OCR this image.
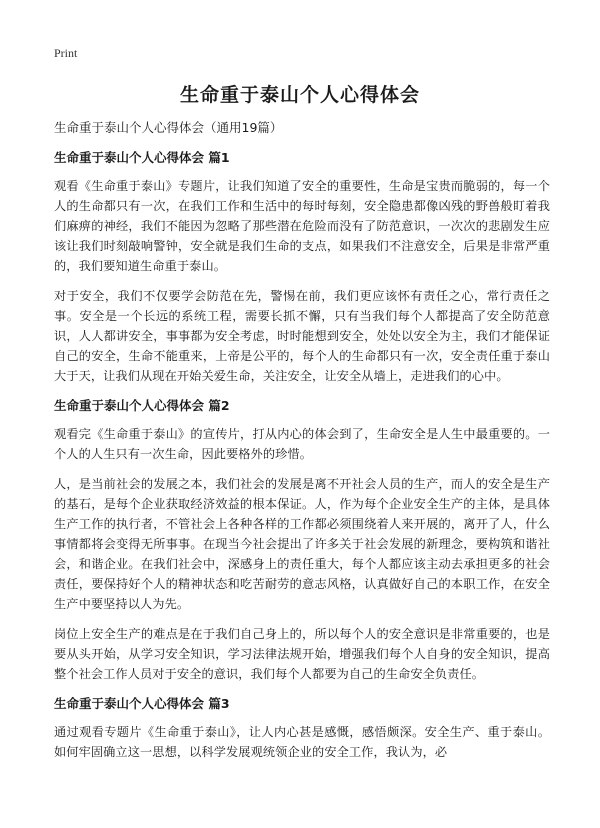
Print
生命重于泰山个人心得体会

生命重于泰山个人心得体会（通用19篇）

生命重于泰山个人心得体会 篇1

观看《生命重于泰山》专题片，让我们知道了安全的重要性，生命是宝贵而脆弱的，每一个人的生命都只有一次，在我们工作和生活中的每时每刻，安全隐患都像凶残的野兽般盯着我们麻痹的神经，我们不能因为忽略了那些潜在危险而没有了防范意识，一次次的悲剧发生应该让我们时刻敲响警钟，安全就是我们生命的支点，如果我们不注意安全，后果是非常严重的，我们要知道生命重于泰山。

对于安全，我们不仅要学会防范在先，警惕在前，我们更应该怀有责任之心，常行责任之事。安全是一个长远的系统工程，需要长抓不懈，只有当我们每个人都提高了安全防范意识，人人都讲安全，事事都为安全考虑，时时能想到安全，处处以安全为主，我们才能保证自己的安全，生命不能重来，上帝是公平的，每个人的生命都只有一次，安全责任重于泰山大于天，让我们从现在开始关爱生命，关注安全，让安全从墙上，走进我们的心中。

生命重于泰山个人心得体会 篇2

观看完《生命重于泰山》的宣传片，打从内心的体会到了，生命安全是人生中最重要的。一个人的人生只有一次生命，因此要格外的珍惜。

人，是当前社会的发展之本，我们社会的发展是离不开社会人员的生产，而人的安全是生产的基石，是每个企业获取经济效益的根本保证。人，作为每个企业安全生产的主体，是具体生产工作的执行者，不管社会上各种各样的工作都必须围绕着人来开展的，离开了人，什么事情都将会变得无所事事。在现当今社会提出了许多关于社会发展的新理念，要构筑和谐社会，和谐企业。在我们社会中，深感身上的责任重大，每个人都应该主动去承担更多的社会责任，要保持好个人的精神状态和吃苦耐劳的意志风格，认真做好自己的本职工作，在安全生产中要坚持以人为先。

岗位上安全生产的难点是在于我们自己身上的，所以每个人的安全意识是非常重要的，也是要从头开始，从学习安全知识，学习法律法规开始，增强我们每个人自身的安全知识，提高整个社会工作人员对于安全的意识，我们每个人都要为自己的生命安全负责任。

生命重于泰山个人心得体会 篇3

通过观看专题片《生命重于泰山》，让人内心甚是感慨，感悟颇深。安全生产、重于泰山。如何牢固确立这一思想，以科学发展观统领企业的安全工作，我认为，必
